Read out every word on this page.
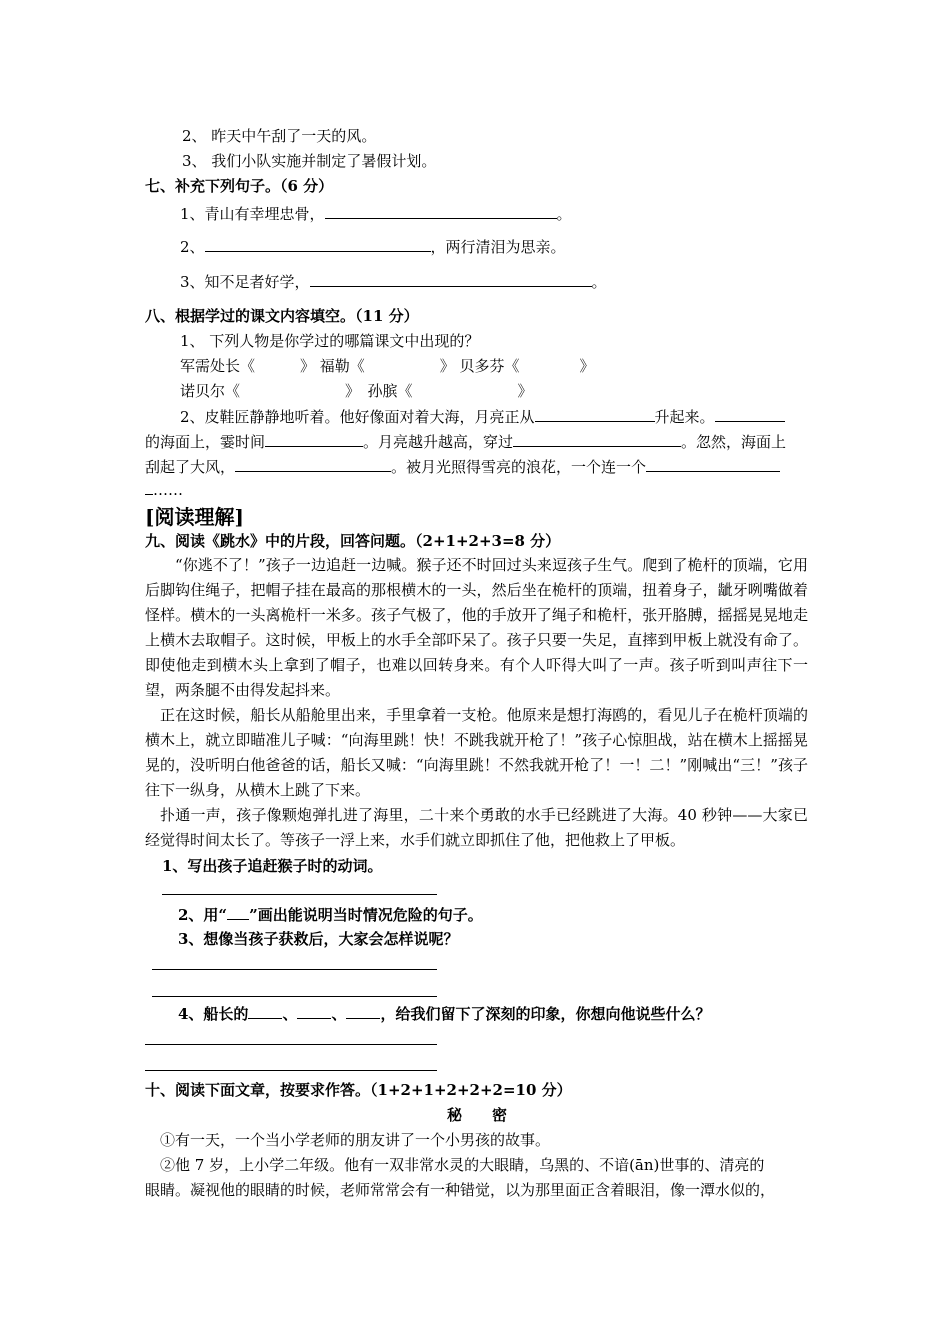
2、 昨天中午刮了一天的风。
3、 我们小队实施并制定了暑假计划。
七、补充下列句子。（6 分）
1、青山有幸埋忠骨，	。
2、	，两行清泪为思亲。
3、知不足者好学，	。
八、根据学过的课文内容填空。（11 分）
1、 下列人物是你学过的哪篇课文中出现的？
军需处长《　　　》 福勒《　　　　　》 贝多芬《　　　　》
诺贝尔《　　　　　　　》　孙膑《　　　　　　　》
2、皮鞋匠静静地听着。他好像面对着大海，月亮正从	升起来。
的海面上，霎时间	。月亮越升越高，穿过	。忽然，海面上
刮起了大风，	。被月光照得雪亮的浪花，一个连一个
……
[阅读理解]
九、阅读《跳水》中的片段，回答问题。（2+1+2+3=8 分）
“你逃不了！”孩子一边追赶一边喊。猴子还不时回过头来逗孩子生气。爬到了桅杆的顶端，它用后脚钩住绳子，把帽子挂在最高的那根横木的一头，然后坐在桅杆的顶端，扭着身子，龇牙咧嘴做着怪样。横木的一头离桅杆一米多。孩子气极了，他的手放开了绳子和桅杆，张开胳膊，摇摇晃晃地走上横木去取帽子。这时候，甲板上的水手全部吓呆了。孩子只要一失足，直摔到甲板上就没有命了。即使他走到横木头上拿到了帽子，也难以回转身来。有个人吓得大叫了一声。孩子听到叫声往下一望，两条腿不由得发起抖来。
正在这时候，船长从船舱里出来，手里拿着一支枪。他原来是想打海鸥的，看见儿子在桅杆顶端的横木上，就立即瞄准儿子喊：“向海里跳！快！不跳我就开枪了！”孩子心惊胆战，站在横木上摇摇晃晃的，没听明白他爸爸的话，船长又喊：“向海里跳！不然我就开枪了！一！二！”刚喊出“三！”孩子往下一纵身，从横木上跳了下来。
扑通一声，孩子像颗炮弹扎进了海里，二十来个勇敢的水手已经跳进了大海。40 秒钟——大家已经觉得时间太长了。等孩子一浮上来，水手们就立即抓住了他，把他救上了甲板。
1、写出孩子追赶猴子时的动词。
2、用“ ”画出能说明当时情况危险的句子。
3、想像当孩子获救后，大家会怎样说呢？
4、船长的 、 、 ，给我们留下了深刻的印象，你想向他说些什么？
十、阅读下面文章，按要求作答。（1+2+1+2+2+2=10 分）
秘　　密
①有一天，一个当小学老师的朋友讲了一个小男孩的故事。
②他 7 岁，上小学二年级。他有一双非常水灵的大眼睛，乌黑的、不谙(ān)世事的、清亮的
眼睛。凝视他的眼睛的时候，老师常常会有一种错觉，以为那里面正含着眼泪，像一潭水似的，
